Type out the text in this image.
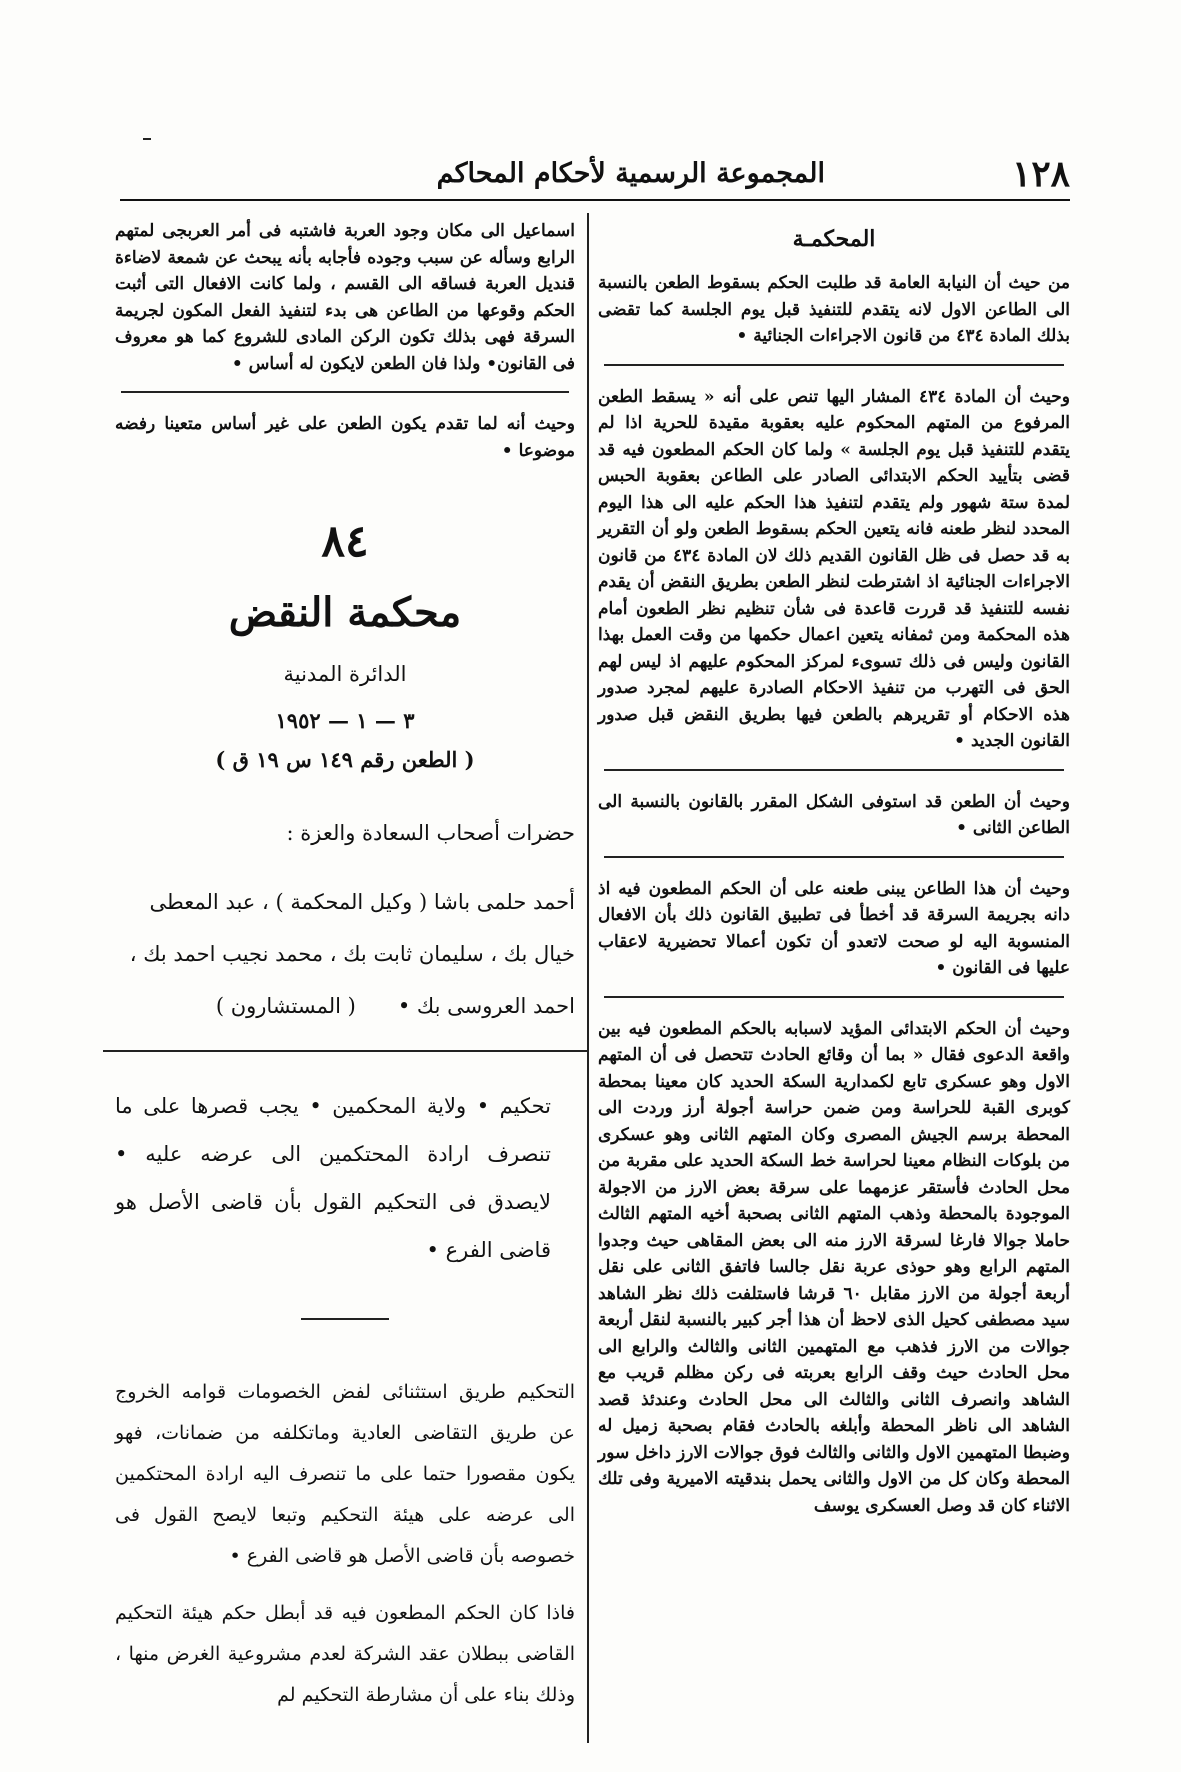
١٢٨
المجموعة الرسمية لأحكام المحاكم
المحكمـة

من حيث أن النيابة العامة قد طلبت الحكم بسقوط الطعن بالنسبة الى الطاعن الاول لانه يتقدم للتنفيذ قبل يوم الجلسة كما تقضى بذلك المادة ٤٣٤ من قانون الاجراءات الجنائية •

وحيث أن المادة ٤٣٤ المشار اليها تنص على أنه « يسقط الطعن المرفوع من المتهم المحكوم عليه بعقوبة مقيدة للحرية اذا لم يتقدم للتنفيذ قبل يوم الجلسة » ولما كان الحكم المطعون فيه قد قضى بتأييد الحكم الابتدائى الصادر على الطاعن بعقوبة الحبس لمدة ستة شهور ولم يتقدم لتنفيذ هذا الحكم عليه الى هذا اليوم المحدد لنظر طعنه فانه يتعين الحكم بسقوط الطعن ولو أن التقرير به قد حصل فى ظل القانون القديم ذلك لان المادة ٤٣٤ من قانون الاجراءات الجنائية اذ اشترطت لنظر الطعن بطريق النقض أن يقدم نفسه للتنفيذ قد قررت قاعدة فى شأن تنظيم نظر الطعون أمام هذه المحكمة ومن ثمفانه يتعين اعمال حكمها من وقت العمل بهذا القانون وليس فى ذلك تسوىء لمركز المحكوم عليهم اذ ليس لهم الحق فى التهرب من تنفيذ الاحكام الصادرة عليهم لمجرد صدور هذه الاحكام أو تقريرهم بالطعن فيها بطريق النقض قبل صدور القانون الجديد •

وحيث أن الطعن قد استوفى الشكل المقرر بالقانون بالنسبة الى الطاعن الثانى •

وحيث أن هذا الطاعن يبنى طعنه على أن الحكم المطعون فيه اذ دانه بجريمة السرقة قد أخطأ فى تطبيق القانون ذلك بأن الافعال المنسوبة اليه لو صحت لاتعدو أن تكون أعمالا تحضيرية لاعقاب عليها فى القانون •

وحيث أن الحكم الابتدائى المؤيد لاسبابه بالحكم المطعون فيه بين واقعة الدعوى فقال « بما أن وقائع الحادث تتحصل فى أن المتهم الاول وهو عسكرى تابع لكمدارية السكة الحديد كان معينا بمحطة كوبرى القبة للحراسة ومن ضمن حراسة أجولة أرز وردت الى المحطة برسم الجيش المصرى وكان المتهم الثانى وهو عسكرى من بلوكات النظام معينا لحراسة خط السكة الحديد على مقربة من محل الحادث فأستقر عزمهما على سرقة بعض الارز من الاجولة الموجودة بالمحطة وذهب المتهم الثانى بصحبة أخيه المتهم الثالث حاملا جوالا فارغا لسرقة الارز منه الى بعض المقاهى حيث وجدوا المتهم الرابع وهو حوذى عربة نقل جالسا فاتفق الثانى على نقل أربعة أجولة من الارز مقابل ٦٠ قرشا فاستلفت ذلك نظر الشاهد سيد مصطفى كحيل الذى لاحظ أن هذا أجر كبير بالنسبة لنقل أربعة جوالات من الارز فذهب مع المتهمين الثانى والثالث والرابع الى محل الحادث حيث وقف الرابع بعربته فى ركن مظلم قريب مع الشاهد وانصرف الثانى والثالث الى محل الحادث وعندئذ قصد الشاهد الى ناظر المحطة وأبلغه بالحادث فقام بصحبة زميل له وضبطا المتهمين الاول والثانى والثالث فوق جوالات الارز داخل سور المحطة وكان كل من الاول والثانى يحمل بندقيته الاميرية وفى تلك الاثناء كان قد وصل العسكرى يوسف

اسماعيل الى مكان وجود العربة فاشتبه فى أمر العربجى لمتهم الرابع وسأله عن سبب وجوده فأجابه بأنه يبحث عن شمعة لاضاءة قنديل العربة فساقه الى القسم ، ولما كانت الافعال التى أثبت الحكم وقوعها من الطاعن هى بدء لتنفيذ الفعل المكون لجريمة السرقة فهى بذلك تكون الركن المادى للشروع كما هو معروف فى القانون• ولذا فان الطعن لايكون له أساس •

وحيث أنه لما تقدم يكون الطعن على غير أساس متعينا رفضه موضوعا •

٨٤
محكمة النقض
الدائرة المدنية
٣ — ١ — ١٩٥٢
( الطعن رقم ١٤٩ س ١٩ ق )
حضرات أصحاب السعادة والعزة :
أحمد حلمى باشا ( وكيل المحكمة ) ، عبد المعطى
خيال بك ، سليمان ثابت بك ، محمد نجيب احمد بك ،
احمد العروسى بك •
( المستشارون )

تحكيم • ولاية المحكمين • يجب قصرها على ما تنصرف ارادة المحتكمين الى عرضه عليه • لايصدق فى التحكيم القول بأن قاضى الأصل هو قاضى الفرع •

التحكيم طريق استثنائى لفض الخصومات قوامه الخروج عن طريق التقاضى العادية وماتكلفه من ضمانات، فهو يكون مقصورا حتما على ما تنصرف اليه ارادة المحتكمين الى عرضه على هيئة التحكيم وتبعا لايصح القول فى خصوصه بأن قاضى الأصل هو قاضى الفرع •

فاذا كان الحكم المطعون فيه قد أبطل حكم هيئة التحكيم القاضى ببطلان عقد الشركة لعدم مشروعية الغرض منها ، وذلك بناء على أن مشارطة التحكيم لم
